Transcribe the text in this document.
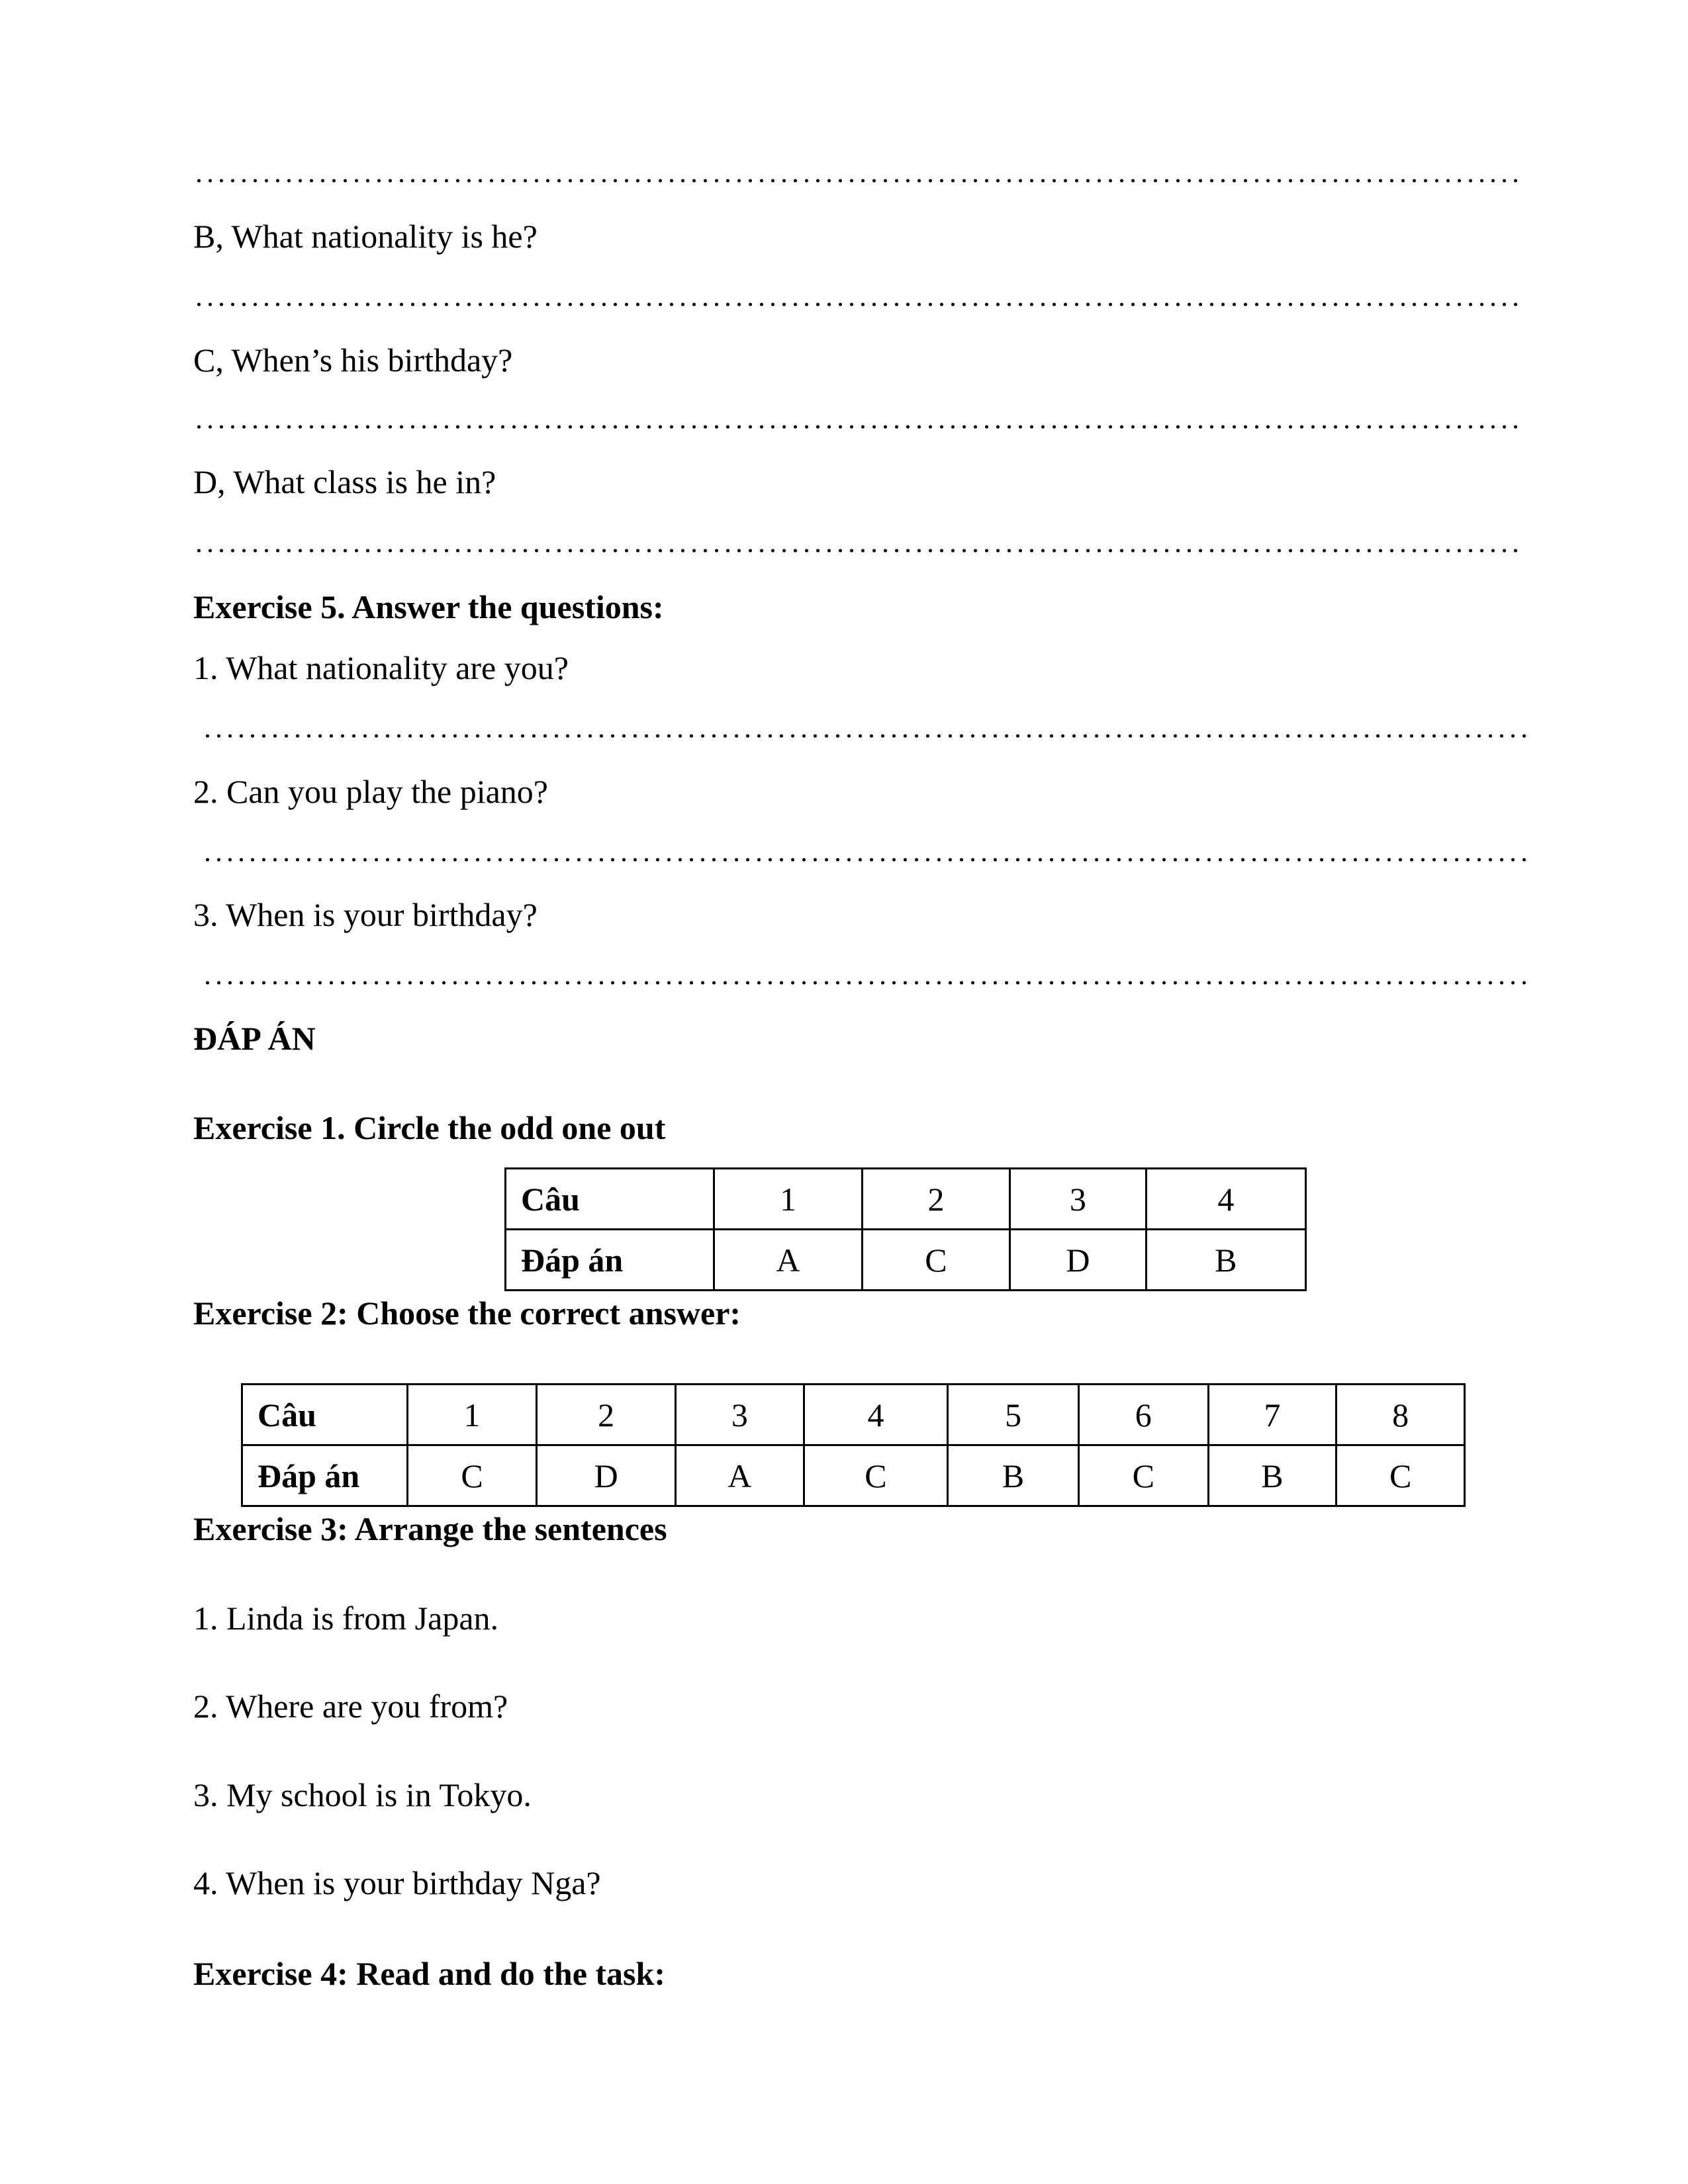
B, What nationality is he?
C, When’s his birthday?
D, What class is he in?
Exercise 5. Answer the questions:
1. What nationality are you?
2. Can you play the piano?
3. When is your birthday?
ĐÁP ÁN
Exercise 1. Circle the odd one out
Câu	1	2	3	4
Đáp án	A	C	D	B
Exercise 2: Choose the correct answer:
Câu	1	2	3	4	5	6	7	8
Đáp án	C	D	A	C	B	C	B	C
Exercise 3: Arrange the sentences
1. Linda is from Japan.
2. Where are you from?
3. My school is in Tokyo.
4. When is your birthday Nga?
Exercise 4: Read and do the task:
